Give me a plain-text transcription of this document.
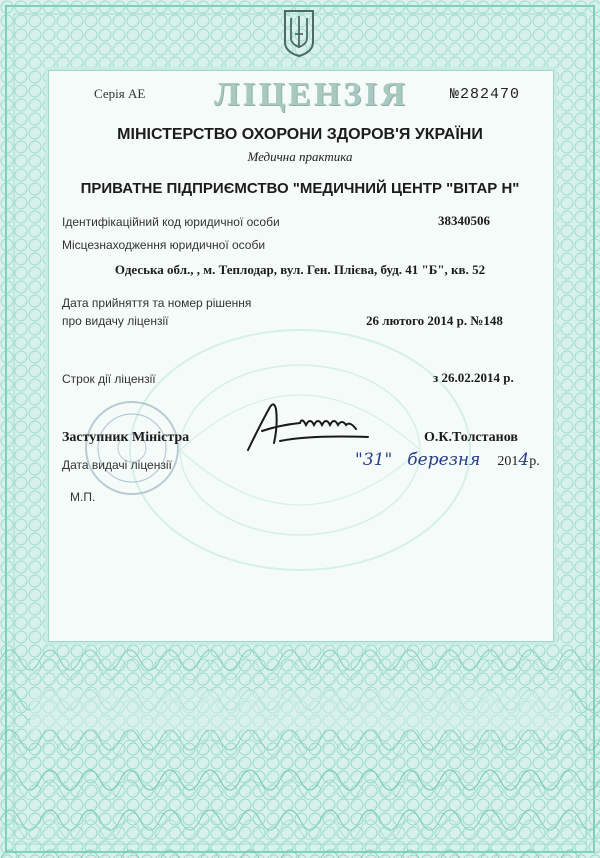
Серія АЕ ЛІЦЕНЗІЯ	№282470
МІНІСТЕРСТВО ОХОРОНИ ЗДОРОВ'Я УКРАЇНИ
Медична практика
ПРИВАТНЕ ПІДПРИЄМСТВО "МЕДИЧНИЙ ЦЕНТР "ВІТАР Н"
Ідентифікаційний код юридичної особи	38340506
Місцезнаходження юридичної особи
Одеська обл., , м. Теплодар, вул. Ген. Плієва, буд. 41 "Б", кв. 52
Дата прийняття та номер рішення
про видачу ліцензії	26 лютого 2014 р. №148
Строк дії ліцензії	з 26.02.2014 р.
Заступник Міністра	О.К.Толстанов
Дата видачі ліцензії	"31" березня 2014р.
М.П.
